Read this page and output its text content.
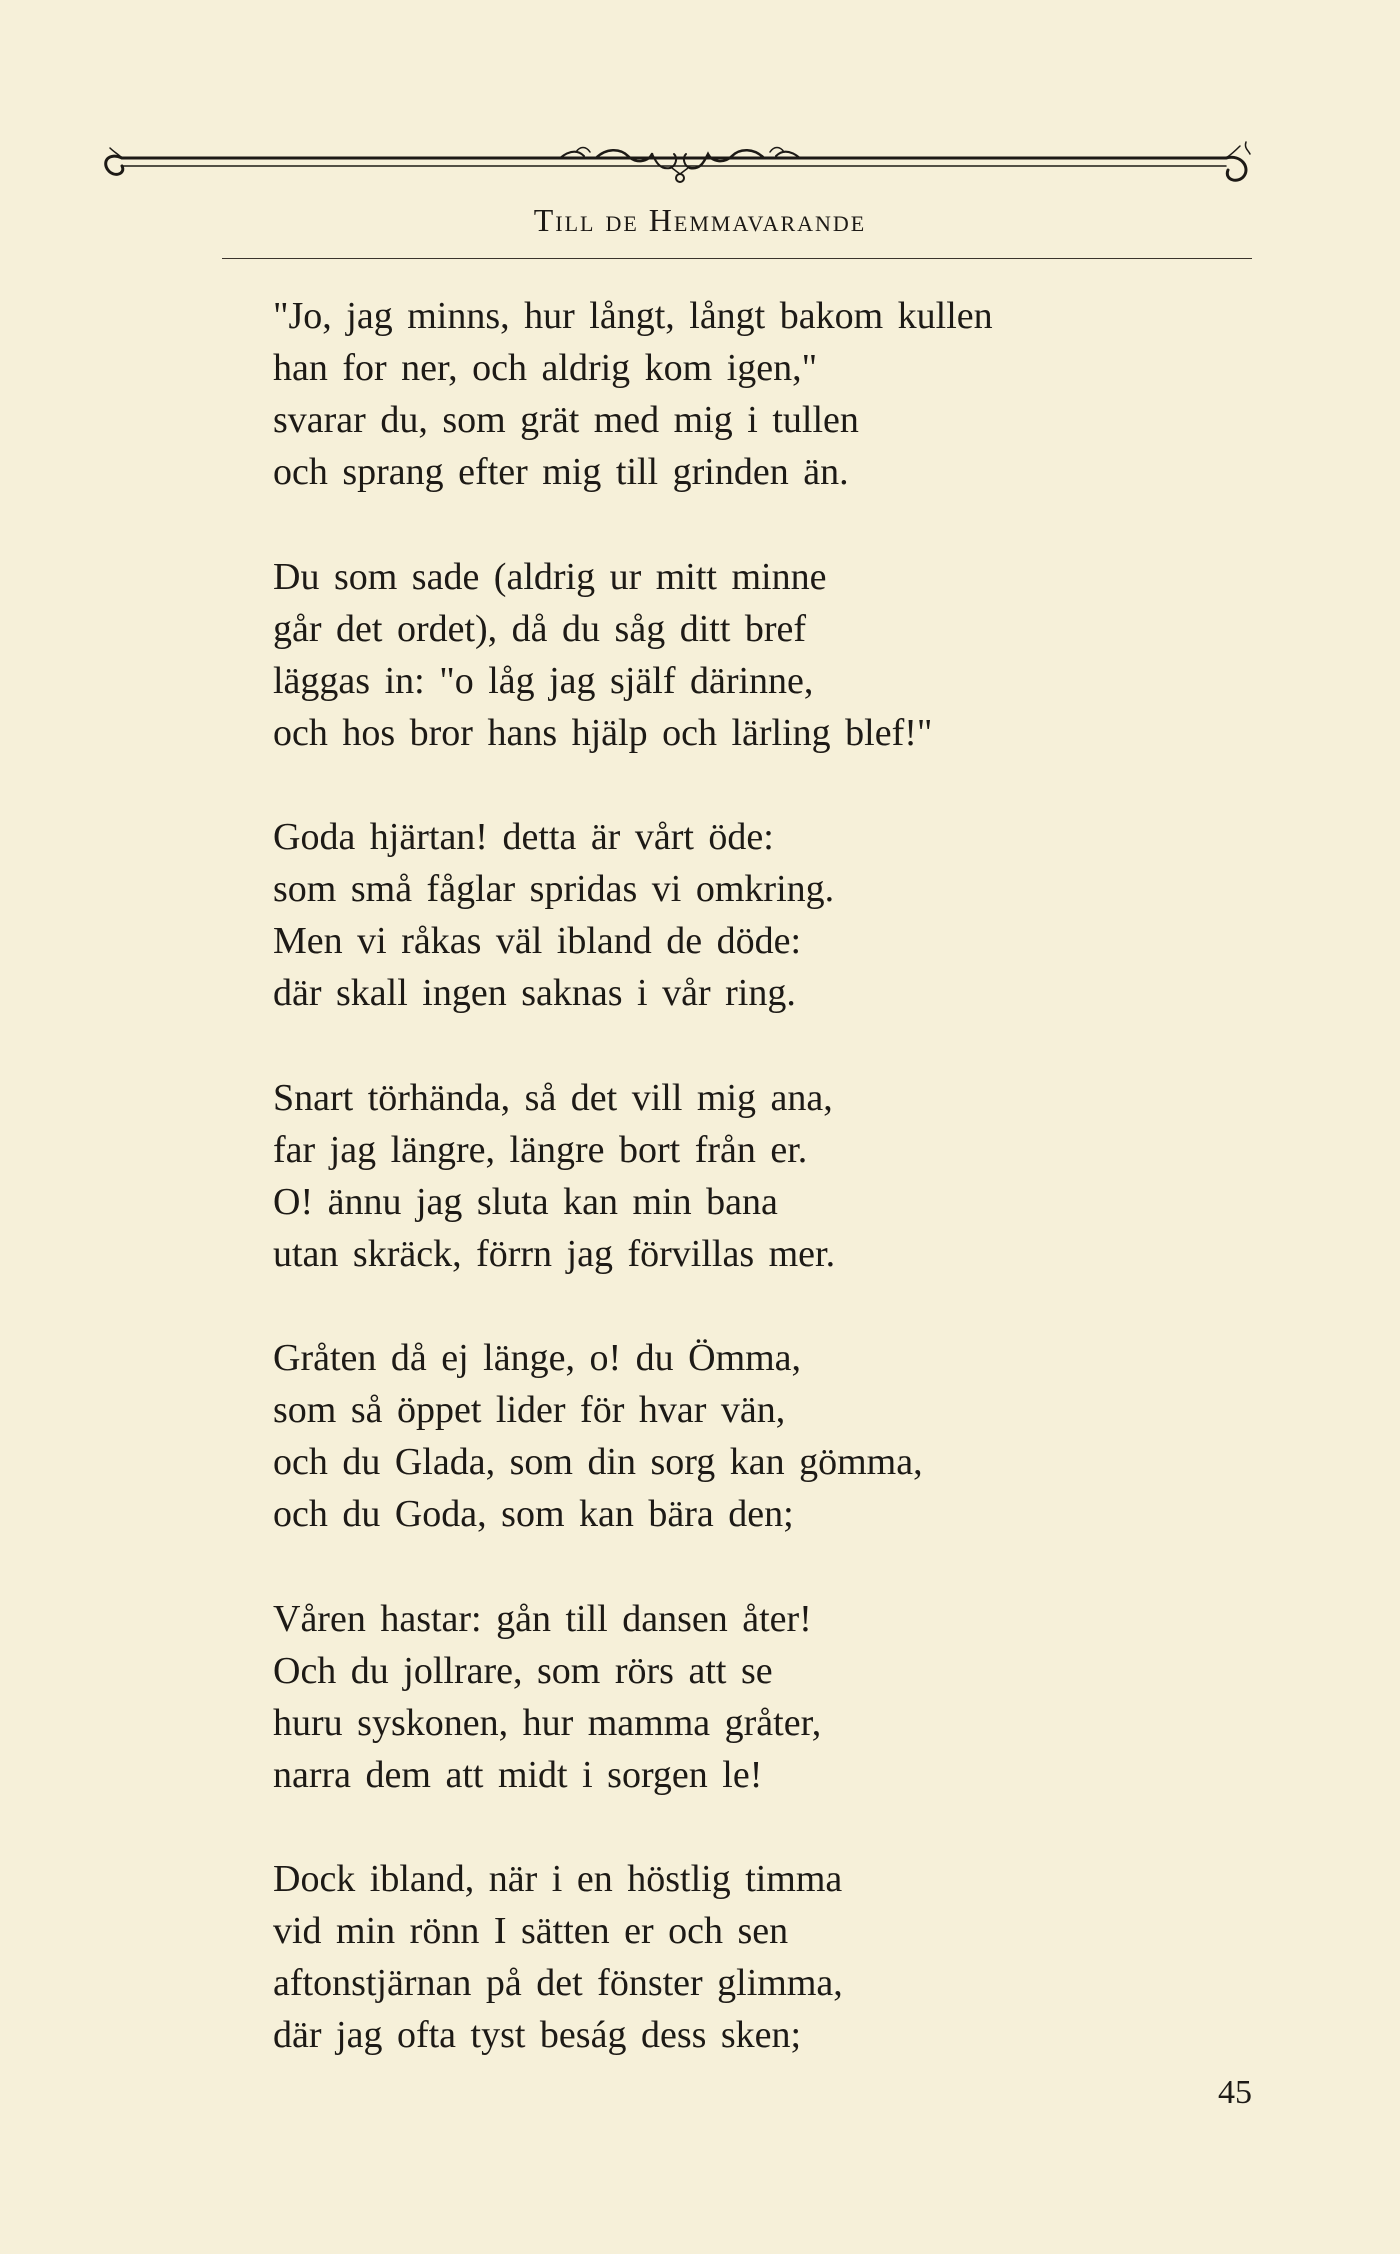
Till de Hemmavarande
"Jo, jag minns, hur långt, långt bakom kullen
han for ner, och aldrig kom igen,"
svarar du, som grät med mig i tullen
och sprang efter mig till grinden än.
Du som sade (aldrig ur mitt minne
går det ordet), då du såg ditt bref
läggas in: "o låg jag själf därinne,
och hos bror hans hjälp och lärling blef!"
Goda hjärtan! detta är vårt öde:
som små fåglar spridas vi omkring.
Men vi råkas väl ibland de döde:
där skall ingen saknas i vår ring.
Snart törhända, så det vill mig ana,
far jag längre, längre bort från er.
O! ännu jag sluta kan min bana
utan skräck, förrn jag förvillas mer.
Gråten då ej länge, o! du Ömma,
som så öppet lider för hvar vän,
och du Glada, som din sorg kan gömma,
och du Goda, som kan bära den;
Våren hastar: gån till dansen åter!
Och du jollrare, som rörs att se
huru syskonen, hur mamma gråter,
narra dem att midt i sorgen le!
Dock ibland, när i en höstlig timma
vid min rönn I sätten er och sen
aftonstjärnan på det fönster glimma,
där jag ofta tyst beság dess sken;
45
